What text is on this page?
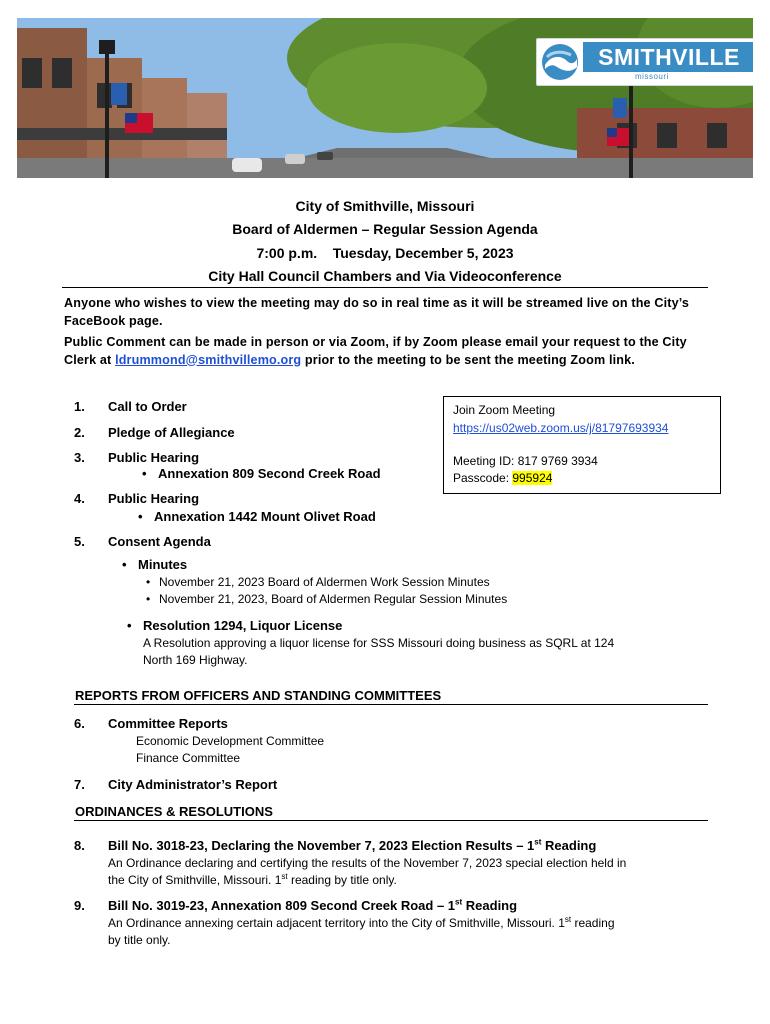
SMITHVILLE
missouri
City of Smithville, Missouri
Board of Aldermen – Regular Session Agenda
7:00 p.m.    Tuesday, December 5, 2023
City Hall Council Chambers and Via Videoconference
Anyone who wishes to view the meeting may do so in real time as it will be streamed live on the City’s FaceBook page.
Public Comment can be made in person or via Zoom, if by Zoom please email your request to the City Clerk at ldrummond@smithvillemo.org prior to the meeting to be sent the meeting Zoom link.
Join Zoom Meeting
https://us02web.zoom.us/j/81797693934
Meeting ID: 817 9769 3934
Passcode: 995924
1. Call to Order
2. Pledge of Allegiance
3. Public Hearing
• Annexation 809 Second Creek Road
4. Public Hearing
• Annexation 1442 Mount Olivet Road
5. Consent Agenda
• Minutes
• November 21, 2023 Board of Aldermen Work Session Minutes
• November 21, 2023, Board of Aldermen Regular Session Minutes
• Resolution 1294, Liquor License
A Resolution approving a liquor license for SSS Missouri doing business as SQRL at 124
North 169 Highway.
REPORTS FROM OFFICERS AND STANDING COMMITTEES
6. Committee Reports
Economic Development Committee
Finance Committee
7. City Administrator’s Report
ORDINANCES & RESOLUTIONS
8. Bill No. 3018-23, Declaring the November 7, 2023 Election Results – 1st Reading
An Ordinance declaring and certifying the results of the November 7, 2023 special election held in
the City of Smithville, Missouri. 1st reading by title only.
9. Bill No. 3019-23, Annexation 809 Second Creek Road – 1st Reading
An Ordinance annexing certain adjacent territory into the City of Smithville, Missouri. 1st reading
by title only.
